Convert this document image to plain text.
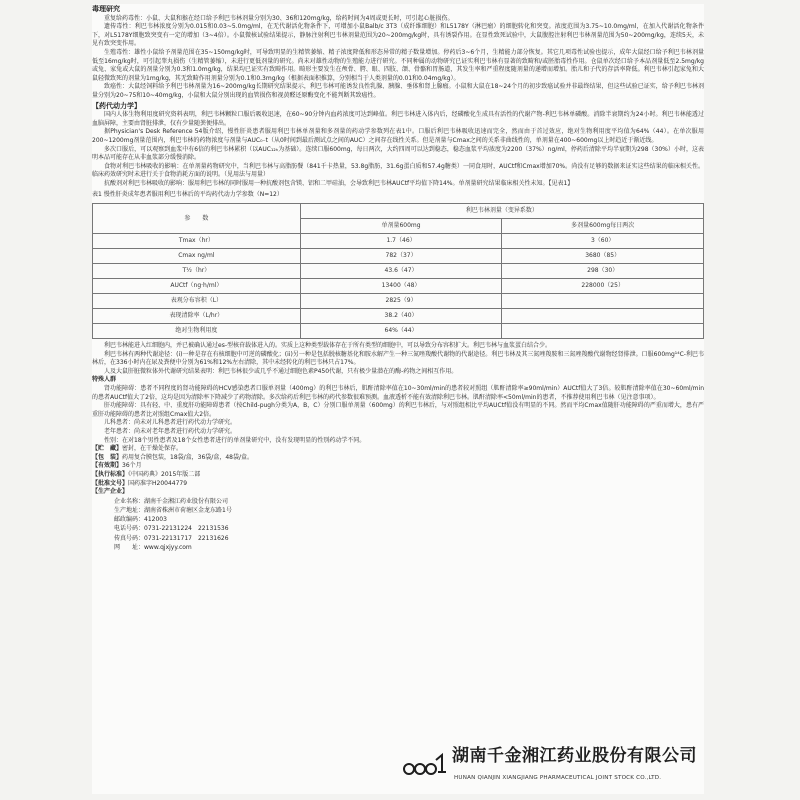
毒理研究

重复给药毒性：小鼠、大鼠和猴在经口给予利巴韦林剂量分别为30、36和120mg/kg，给药时间为4周或更长时，可引起心脏损伤。

遗传毒性：利巴韦林浓度分别为0.015和0.03~5.0mg/ml，在无代谢活化物条件下，可增加小鼠Balb/c 3T3（成纤维细胞）和L5178Y（淋巴瘤）的细胞转化和突变。浓度范围为3.75~10.0mg/ml，在加入代谢活化物条件下，对L5178Y细胞致突变有一定的增加（3~4倍）。小鼠微核试验结果提示，静脉注射利巴韦林剂量范围为20~200mg/kg时，具有诱裂作用。在显性致死试验中，大鼠腹腔注射利巴韦林剂量范围为50~200mg/kg，连续5天，未见有致突变作用。

生殖毒性：雄性小鼠给予剂量范围在35~150mg/kg时，可导致明显的生精管萎缩、精子浓度降低和形态异常的精子数量增加。停药后3~6个月，生精能力部分恢复。其它几项毒性试验也提示，成年大鼠经口给予利巴韦林剂量低至16mg/kg时，可引起睾丸损伤（生精管萎缩），未进行更低剂量的研究。尚未对雄性动物的生殖能力进行研究。不同种属的动物研究已证实利巴韦林有显著的致畸和/或胚胎毒性作用。仓鼠单次经口给予本品剂量低至2.5mg/kg或兔、家兔或大鼠的剂量分别为0.3和1.0mg/kg，结果均已证实有致畸作用。畸形主要发生在颅骨、腭、眼、四肢、颌、骨骼和胃肠道，其发生率和严重程度随剂量的递增而增加。胎儿和子代的存活率降低。利巴韦林引起家兔和大鼠轻微致死的剂量为1mg/kg，其无致畸作用剂量分别为0.1和0.3mg/kg（根据表面积推算，分别相当于人类剂量的0.01和0.04mg/kg）。

致癌性：大鼠经饲料给予利巴韦林剂量为16~200mg/kg长期研究结果提示，利巴韦林可能诱发良性乳腺、胰腺、垂体和肾上腺瘤。小鼠和大鼠在18~24个月的初步致癌试验并非最终结果，但这些试验已证实，给予利巴韦林剂量分别为20~75和10~40mg/kg，小鼠和大鼠分别出现的血管损伤和视黄醛还原酶变化不能判断其致癌性。

【药代动力学】

国内人体生物利用度研究资料表明，利巴韦林颗粒口服后吸收迅速，在60~90分钟内血药浓度可达到峰值。利巴韦林进入体内后，经磷酸化生成具有活性的代谢产物-利巴韦林单磷酸。消除半衰期约为24小时。利巴韦林能透过血脑屏障，主要由肾脏排泄，仅有少量随粪便排出。

据Physician's Desk Reference 54版介绍，慢性肝炎患者服用利巴韦林单剂量和多剂量的药动学参数列在表1中。口服后利巴韦林吸收迅速而完全，然而由于首过效应，绝对生物利用度平均值为64%（44）。在单次服用200~1200mg剂量范围内，利巴韦林的药物浓度与剂量与AUC₀₋t（从0时间到最后测试点之间的AUC）之间存在线性关系。但是剂量与Cmax之间的关系非曲线性的，单剂量在400~600mg以上时趋近于渐近线。

多次口服后，可以观察到血浆中有6倍的利巴韦林累积（以AUC₁₂ₕ为基础）。连续口服600mg，每日两次，大约四周可以达到稳态，稳态血浆平均浓度为2200（37%）ng/ml，停药后清除平均半衰期为298（30%）小时，这表明本品可能存在从非血浆部分缓慢消除。

食物对利巴韦林吸收的影响：在单剂量药物研究中，当利巴韦林与高脂肪餐（841千卡热量，53.8g脂肪，31.6g蛋白质和57.4g糖类）一同食用时，AUCtf和Cmax增加70%。尚没有足够的数据来证实这些结果的临床相关性。临床药效研究时未进行关于食物消耗方面的说明。（见用法与用量）

抗酸剂对利巴韦林吸收的影响：服用利巴韦林的同时服用一种抗酸剂包含镁、铝和二甲硅油，会导致利巴韦林AUCtf平均值下降14%。单剂量研究结果临床相关性未知。【见表1】

表1 慢性肝炎成年患者服用利巴韦林后的平均药代动力学参数（N=12）
参　　数	利巴韦林剂量（变异系数）	
	单剂量600mg	多剂量600mg每日两次
Tmax（hr）	1.7（46）	3（60）
Cmax ng/ml	782（37）	3680（85）
T½（hr）	43.6（47）	298（30）
AUCtf（ng·h/ml）	13400（48）	228000（25）
表观分布容积（L）	2825（9）	
表现清除率（L/hr）	38.2（40）	
绝对生物利用度	64%（44）	

利巴韦林能进入红细胞内，并已被确认通过es-型核苷载体进入的。实质上这种类型载体存在于所有类型的细胞中，可以导致分布容积扩大。利巴韦林与血浆蛋白结合少。

利巴韦林有两种代谢途径：(i)一种是存在有核细胞中可逆的磷酸化；(ii)另一种是包括脱核糖基化和胺水解产生一种三氮唑羧酸代谢物的代谢途径。利巴韦林及其三氮唑羧胺和三氮唑羧酸代谢物经肾排泄。口服600mg¹⁴C-利巴韦林后，在336小时内在尿及粪便中分别为61%和12%左右清除，其中未经转化的利巴韦林只占17%。

人及大鼠肝脏微粒体外代谢研究结果表明：利巴韦林很少或几乎不通过细胞色素P450代谢，只有极少量潜在的酶-药物之间相互作用。

特殊人群

肾功能障碍：患者不同程度的肾功能障碍的HCV感染患者口服单剂量（400mg）的利巴韦林后，肌酐清除率值在10~30ml/min的患者较对照组（肌酐清除率≥90ml/min）AUCtf值大了3倍。较肌酐清除率值在30~60ml/min的患者AUCtf值大了2倍，这均是因为清除率下降减少了药物清除。多次给药后利巴韦林的药代参数很难预测。血液透析不能有效清除利巴韦林。肌酐清除率<50ml/min的患者，不推荐使用利巴韦林（见注意事项）。

肝功能障碍：具有轻、中、重度肝功能障碍患者（按Child-pugh分类为A，B，C）分别口服单剂量（600mg）的利巴韦林后，与对照组相比平均AUCtf值没有明显的不同。然而平均Cmax值随肝功能障碍的严重而增大，患有严重肝功能障碍的患者比对照组Cmax值大2倍。

儿科患者：尚未对儿科患者进行药代动力学研究。

老年患者：尚未对老年患者进行药代动力学研究。

性别：在对18个男性患者及18个女性患者进行的单剂量研究中，没有发现明显的性别药动学不同。

【贮　藏】密封，在干燥处保存。
【包　装】药用复合膜包装，18袋/盒，36袋/盒，48袋/盒。
【有效期】36个月
【执行标准】《中国药典》2015年版二部
【批准文号】国药准字H20044779
【生产企业】
企业名称：湖南千金湘江药业股份有限公司
生产地址：湖南省株洲市荷塘区金龙东路1号
邮政编码：412003
电话号码：0731-22131224　22131536
传真号码：0731-22131717　22131626
网　　址：www.qjxjyy.com
湖南千金湘江药业股份有限公司
HUNAN QIANJIN XIANGJIANG PHARMACEUTICAL JOINT STOCK CO.,LTD.
